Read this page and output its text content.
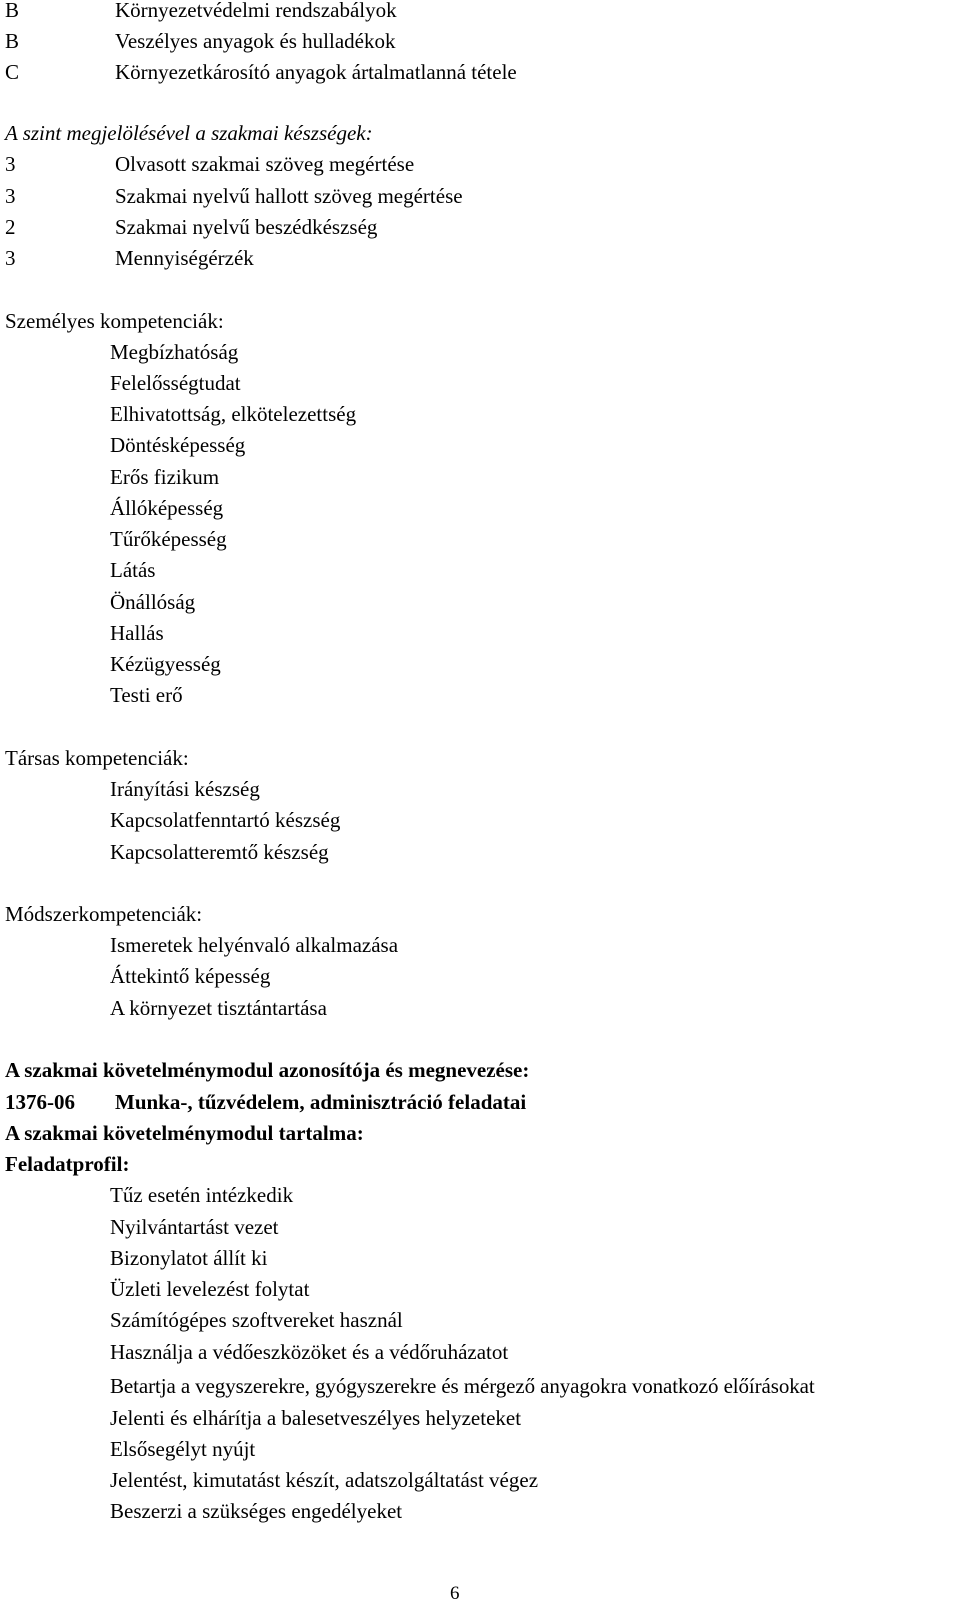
B	Környezetvédelmi rendszabályok
B	Veszélyes anyagok és hulladékok
C	Környezetkárosító anyagok ártalmatlanná tétele
A szint megjelölésével a szakmai készségek:
3	Olvasott szakmai szöveg megértése
3	Szakmai nyelvű hallott szöveg megértése
2	Szakmai nyelvű beszédkészség
3	Mennyiségérzék
Személyes kompetenciák:
Megbízhatóság
Felelősségtudat
Elhivatottság, elkötelezettség
Döntésképesség
Erős fizikum
Állóképesség
Tűrőképesség
Látás
Önállóság
Hallás
Kézügyesség
Testi erő
Társas kompetenciák:
Irányítási készség
Kapcsolatfenntartó készség
Kapcsolatteremtő készség
Módszerkompetenciák:
Ismeretek helyénvaló alkalmazása
Áttekintő képesség
A környezet tisztántartása
A szakmai követelménymodul azonosítója és megnevezése:
1376-06 Munka-, tűzvédelem, adminisztráció feladatai
A szakmai követelménymodul tartalma:
Feladatprofil:
Tűz esetén intézkedik
Nyilvántartást vezet
Bizonylatot állít ki
Üzleti levelezést folytat
Számítógépes szoftvereket használ
Használja a védőeszközöket és a védőruházatot
Betartja a vegyszerekre, gyógyszerekre és mérgező anyagokra vonatkozó előírásokat
Jelenti és elhárítja a balesetveszélyes helyzeteket
Elsősegélyt nyújt
Jelentést, kimutatást készít, adatszolgáltatást végez
Beszerzi a szükséges engedélyeket
6
